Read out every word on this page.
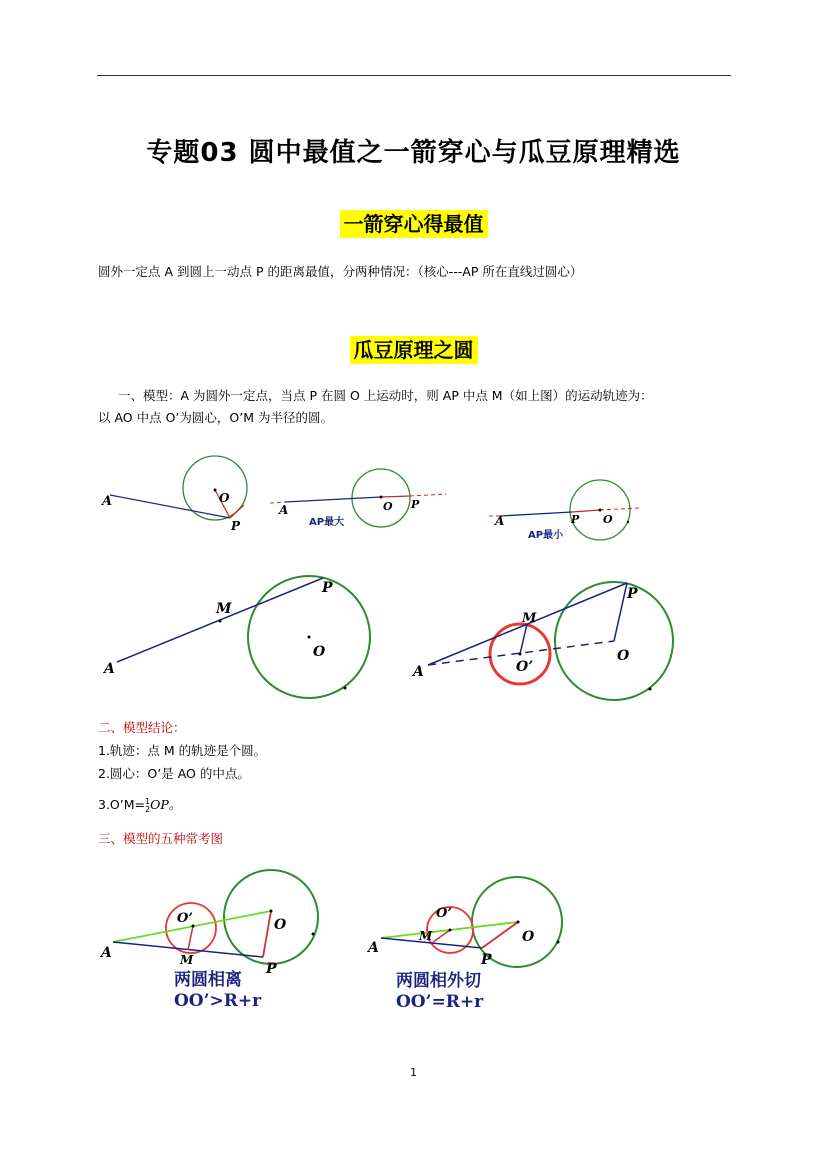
专题03 圆中最值之一箭穿心与瓜豆原理精选
一箭穿心得最值
圆外一定点 A 到圆上一动点 P 的距离最值，分两种情况：（核心---AP 所在直线过圆心）
瓜豆原理之圆
一、模型：A 为圆外一定点，当点 P 在圆 O 上运动时，则 AP 中点 M（如上图）的运动轨迹为：
以 AO 中点 O’为圆心，O’M 为半径的圆。
A	O
P
A	O P
AP最大	A	P O
AP最小
A
M
P
O
A
M
P
O
O’
二、模型结论：
1.轨迹：点 M 的轨迹是个圆。
2.圆心：O’是 AO 的中点。
3.O’M=1
2OP。
三、模型的五种常考图
A	M
P
O
O’
两圆相离
OO’>R+r
A
M
P
O
O’
两圆相外切
OO’=R+r
1
